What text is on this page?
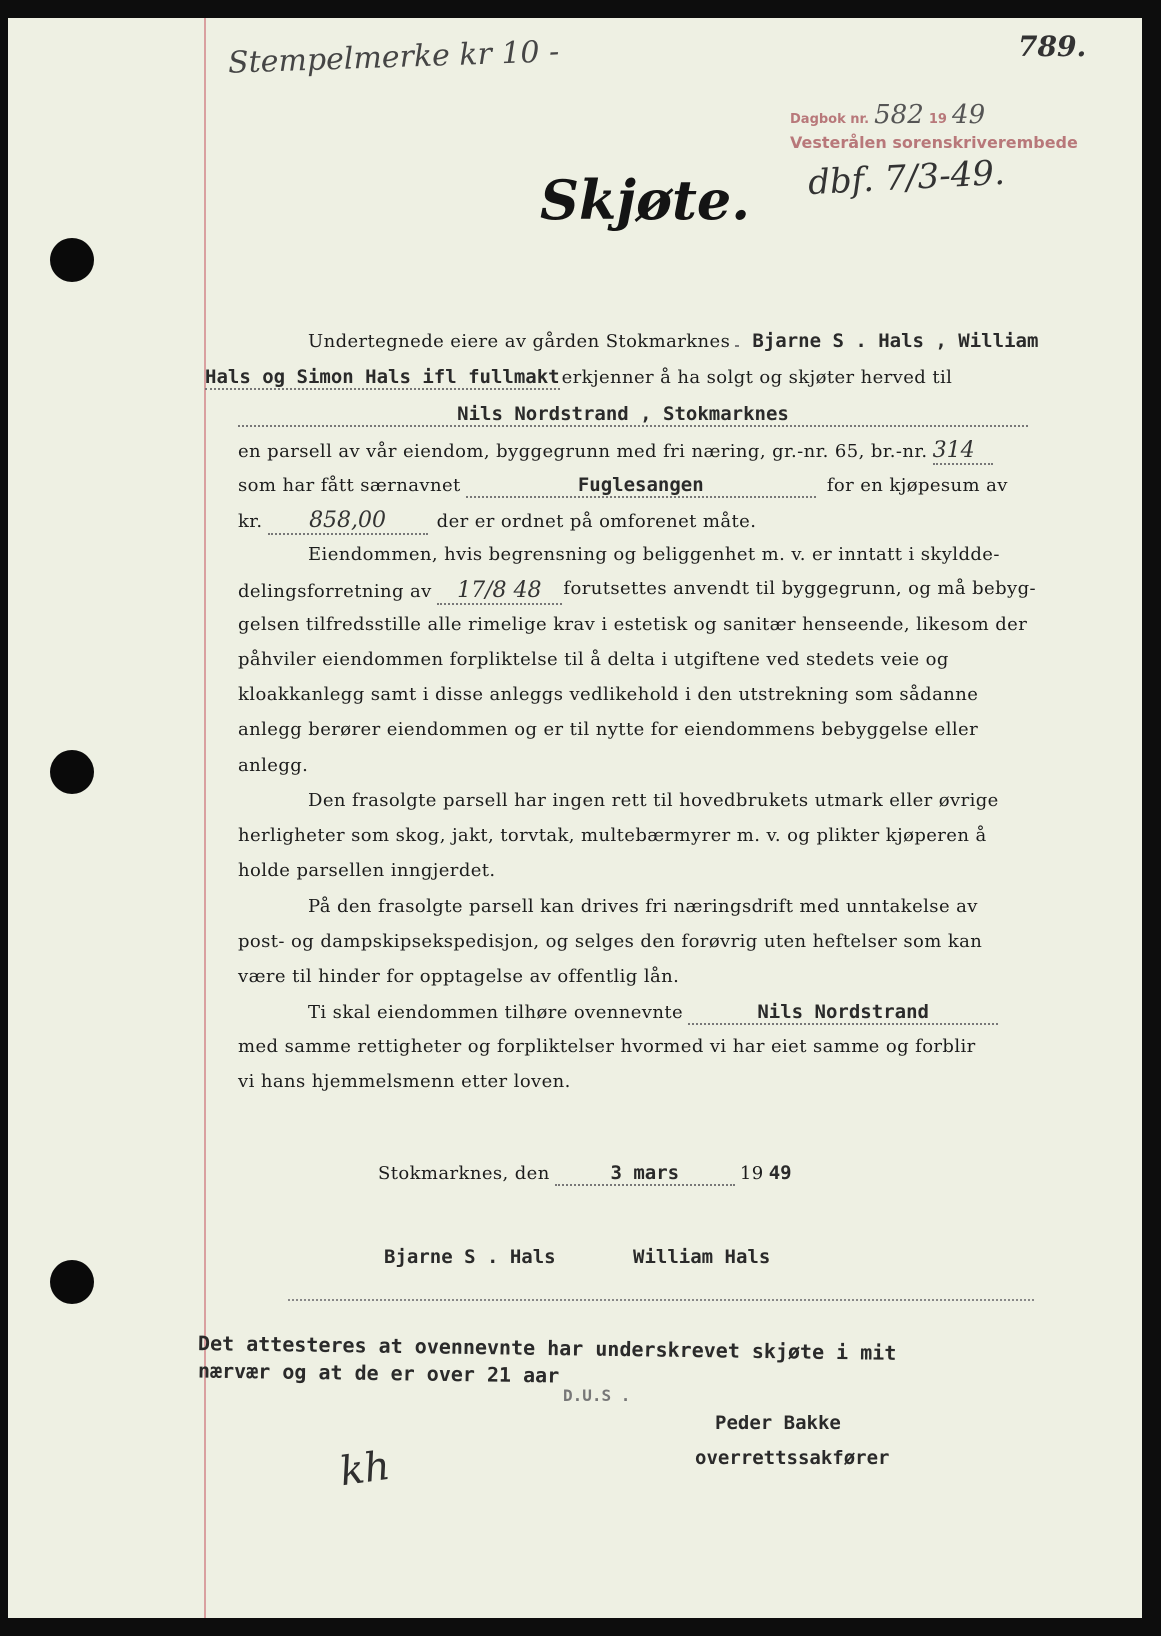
Stempelmerke kr 10 -	789.
Dagbok nr. 582 19 49
Vesterålen sorenskriverembede
dbf. 7/3-49.
Skjøte.
Undertegnede eiere av gården Stokmarknes Bjarne S . Hals , William
Hals og Simon Hals ifl fullmakt erkjenner å ha solgt og skjøter herved til
Nils Nordstrand , Stokmarknes
en parsell av vår eiendom, byggegrunn med fri næring, gr.-nr. 65, br.-nr. 314
som har fått særnavnet	Fuglesangen	for en kjøpesum av
kr. 858,00	der er ordnet på omforenet måte.
Eiendommen, hvis begrensning og beliggenhet m. v. er inntatt i skyldde-
delingsforretning av 17/8 48	forutsettes anvendt til byggegrunn, og må bebyg-
gelsen tilfredsstille alle rimelige krav i estetisk og sanitær henseende, likesom der
påhviler eiendommen forpliktelse til å delta i utgiftene ved stedets veie og
kloakkanlegg samt i disse anleggs vedlikehold i den utstrekning som sådanne
anlegg berører eiendommen og er til nytte for eiendommens bebyggelse eller
anlegg.
Den frasolgte parsell har ingen rett til hovedbrukets utmark eller øvrige
herligheter som skog, jakt, torvtak, multebærmyrer m. v. og plikter kjøperen å
holde parsellen inngjerdet.
På den frasolgte parsell kan drives fri næringsdrift med unntakelse av
post- og dampskipsekspedisjon, og selges den forøvrig uten heftelser som kan
være til hinder for opptagelse av offentlig lån.
Ti skal eiendommen tilhøre ovennevnte	Nils Nordstrand
med samme rettigheter og forpliktelser hvormed vi har eiet samme og forblir
vi hans hjemmelsmenn etter loven.
Stokmarknes, den	3 mars	19 49
Bjarne S . Hals	William Hals
Det attesteres at ovennevnte har underskrevet skjøte i mit
nærvær og at de er over 21 aar
D.U.S .
Peder Bakke
overrettssakfører
kh
